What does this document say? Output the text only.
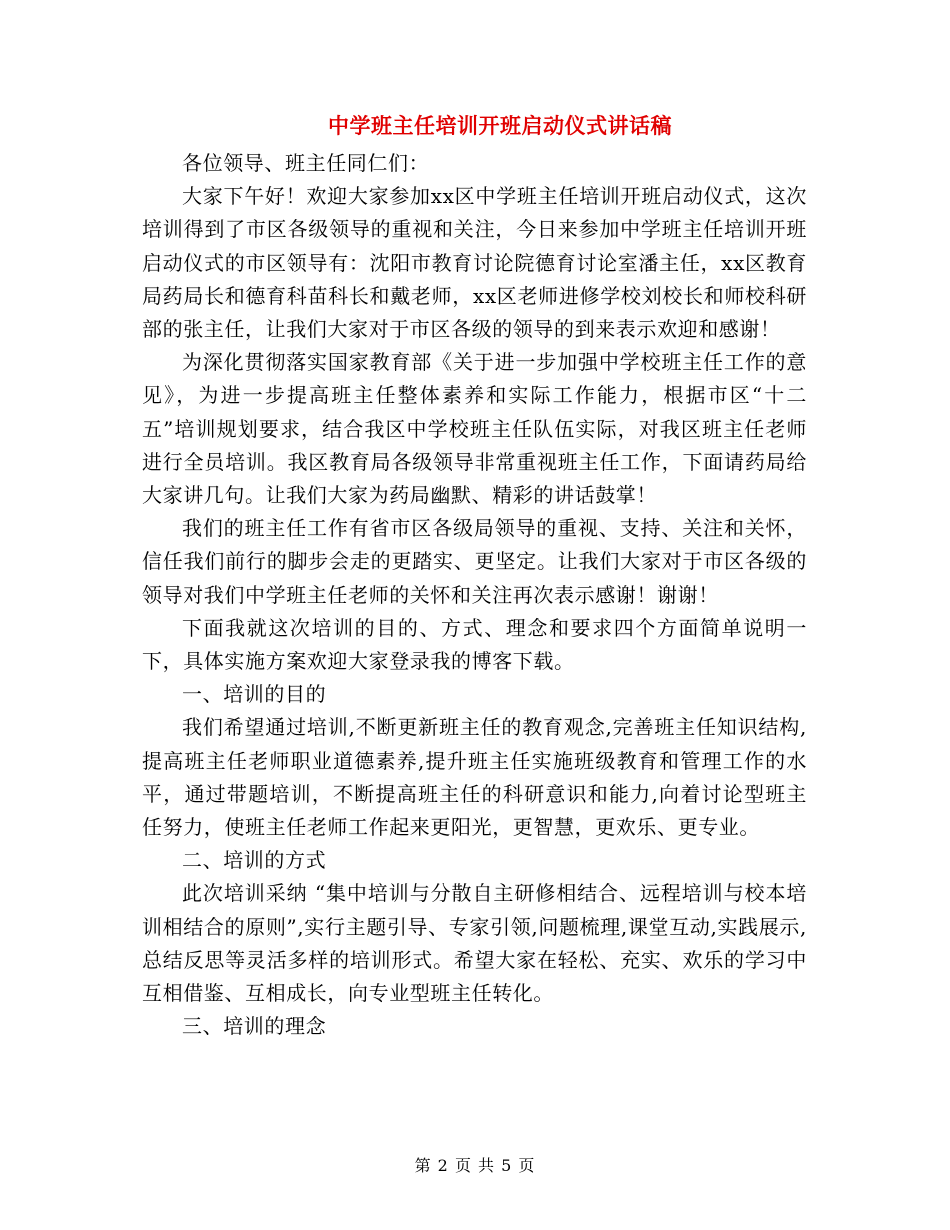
中学班主任培训开班启动仪式讲话稿

各位领导、班主任同仁们：

大家下午好！欢迎大家参加xx区中学班主任培训开班启动仪式，这次培训得到了市区各级领导的重视和关注，今日来参加中学班主任培训开班启动仪式的市区领导有：沈阳市教育讨论院德育讨论室潘主任，xx区教育局药局长和德育科苗科长和戴老师，xx区老师进修学校刘校长和师校科研部的张主任，让我们大家对于市区各级的领导的到来表示欢迎和感谢！

为深化贯彻落实国家教育部《关于进一步加强中学校班主任工作的意见》，为进一步提高班主任整体素养和实际工作能力，根据市区“十二五”培训规划要求，结合我区中学校班主任队伍实际，对我区班主任老师进行全员培训。我区教育局各级领导非常重视班主任工作，下面请药局给大家讲几句。让我们大家为药局幽默、精彩的讲话鼓掌！

我们的班主任工作有省市区各级局领导的重视、支持、关注和关怀，信任我们前行的脚步会走的更踏实、更坚定。让我们大家对于市区各级的领导对我们中学班主任老师的关怀和关注再次表示感谢！谢谢！

下面我就这次培训的目的、方式、理念和要求四个方面简单说明一下，具体实施方案欢迎大家登录我的博客下载。

一、培训的目的

我们希望通过培训,不断更新班主任的教育观念,完善班主任知识结构,提高班主任老师职业道德素养,提升班主任实施班级教育和管理工作的水平，通过带题培训，不断提高班主任的科研意识和能力,向着讨论型班主任努力，使班主任老师工作起来更阳光，更智慧，更欢乐、更专业。

二、培训的方式

此次培训采纳 “集中培训与分散自主研修相结合、远程培训与校本培训相结合的原则”,实行主题引导、专家引领,问题梳理,课堂互动,实践展示,总结反思等灵活多样的培训形式。希望大家在轻松、充实、欢乐的学习中互相借鉴、互相成长，向专业型班主任转化。

三、培训的理念

第 2 页 共 5 页
